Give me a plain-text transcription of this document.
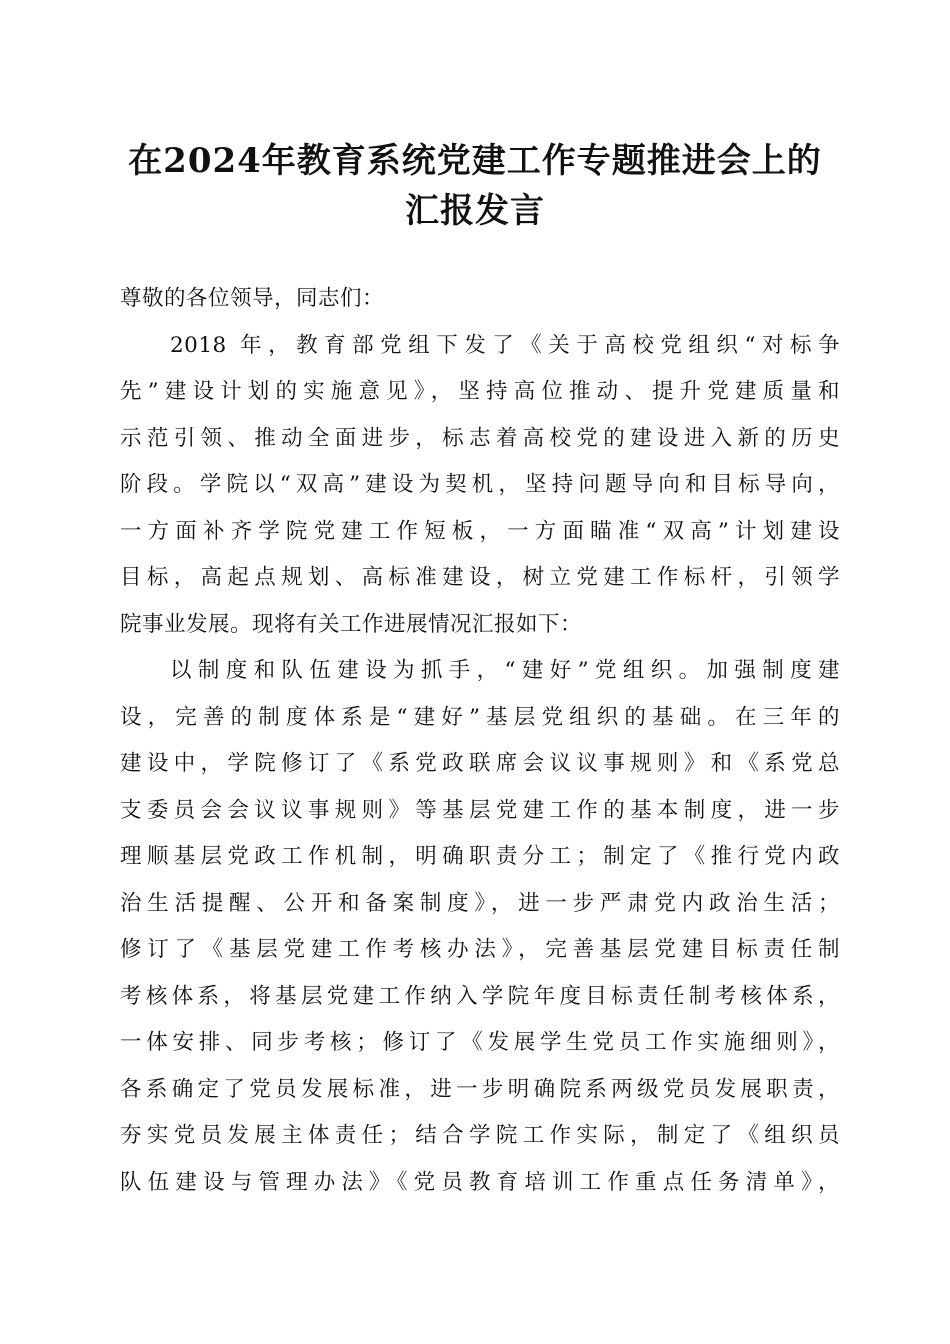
在2024年教育系统党建工作专题推进会上的
汇报发言
尊敬的各位领导，同志们：
2018 年，教育部党组下发了《关于高校党组织“对标争
先”建设计划的实施意见》，坚持高位推动、提升党建质量和
示范引领、推动全面进步，标志着高校党的建设进入新的历史
阶段。学院以“双高”建设为契机，坚持问题导向和目标导向，
一方面补齐学院党建工作短板，一方面瞄准“双高”计划建设
目标，高起点规划、高标准建设，树立党建工作标杆，引领学
院事业发展。现将有关工作进展情况汇报如下：
以制度和队伍建设为抓手，“建好”党组织。加强制度建
设，完善的制度体系是“建好”基层党组织的基础。在三年的
建设中，学院修订了《系党政联席会议议事规则》和《系党总
支委员会会议议事规则》等基层党建工作的基本制度，进一步
理顺基层党政工作机制，明确职责分工；制定了《推行党内政
治生活提醒、公开和备案制度》，进一步严肃党内政治生活；
修订了《基层党建工作考核办法》，完善基层党建目标责任制
考核体系，将基层党建工作纳入学院年度目标责任制考核体系，
一体安排、同步考核；修订了《发展学生党员工作实施细则》，
各系确定了党员发展标准，进一步明确院系两级党员发展职责，
夯实党员发展主体责任；结合学院工作实际，制定了《组织员
队伍建设与管理办法》《党员教育培训工作重点任务清单》，
